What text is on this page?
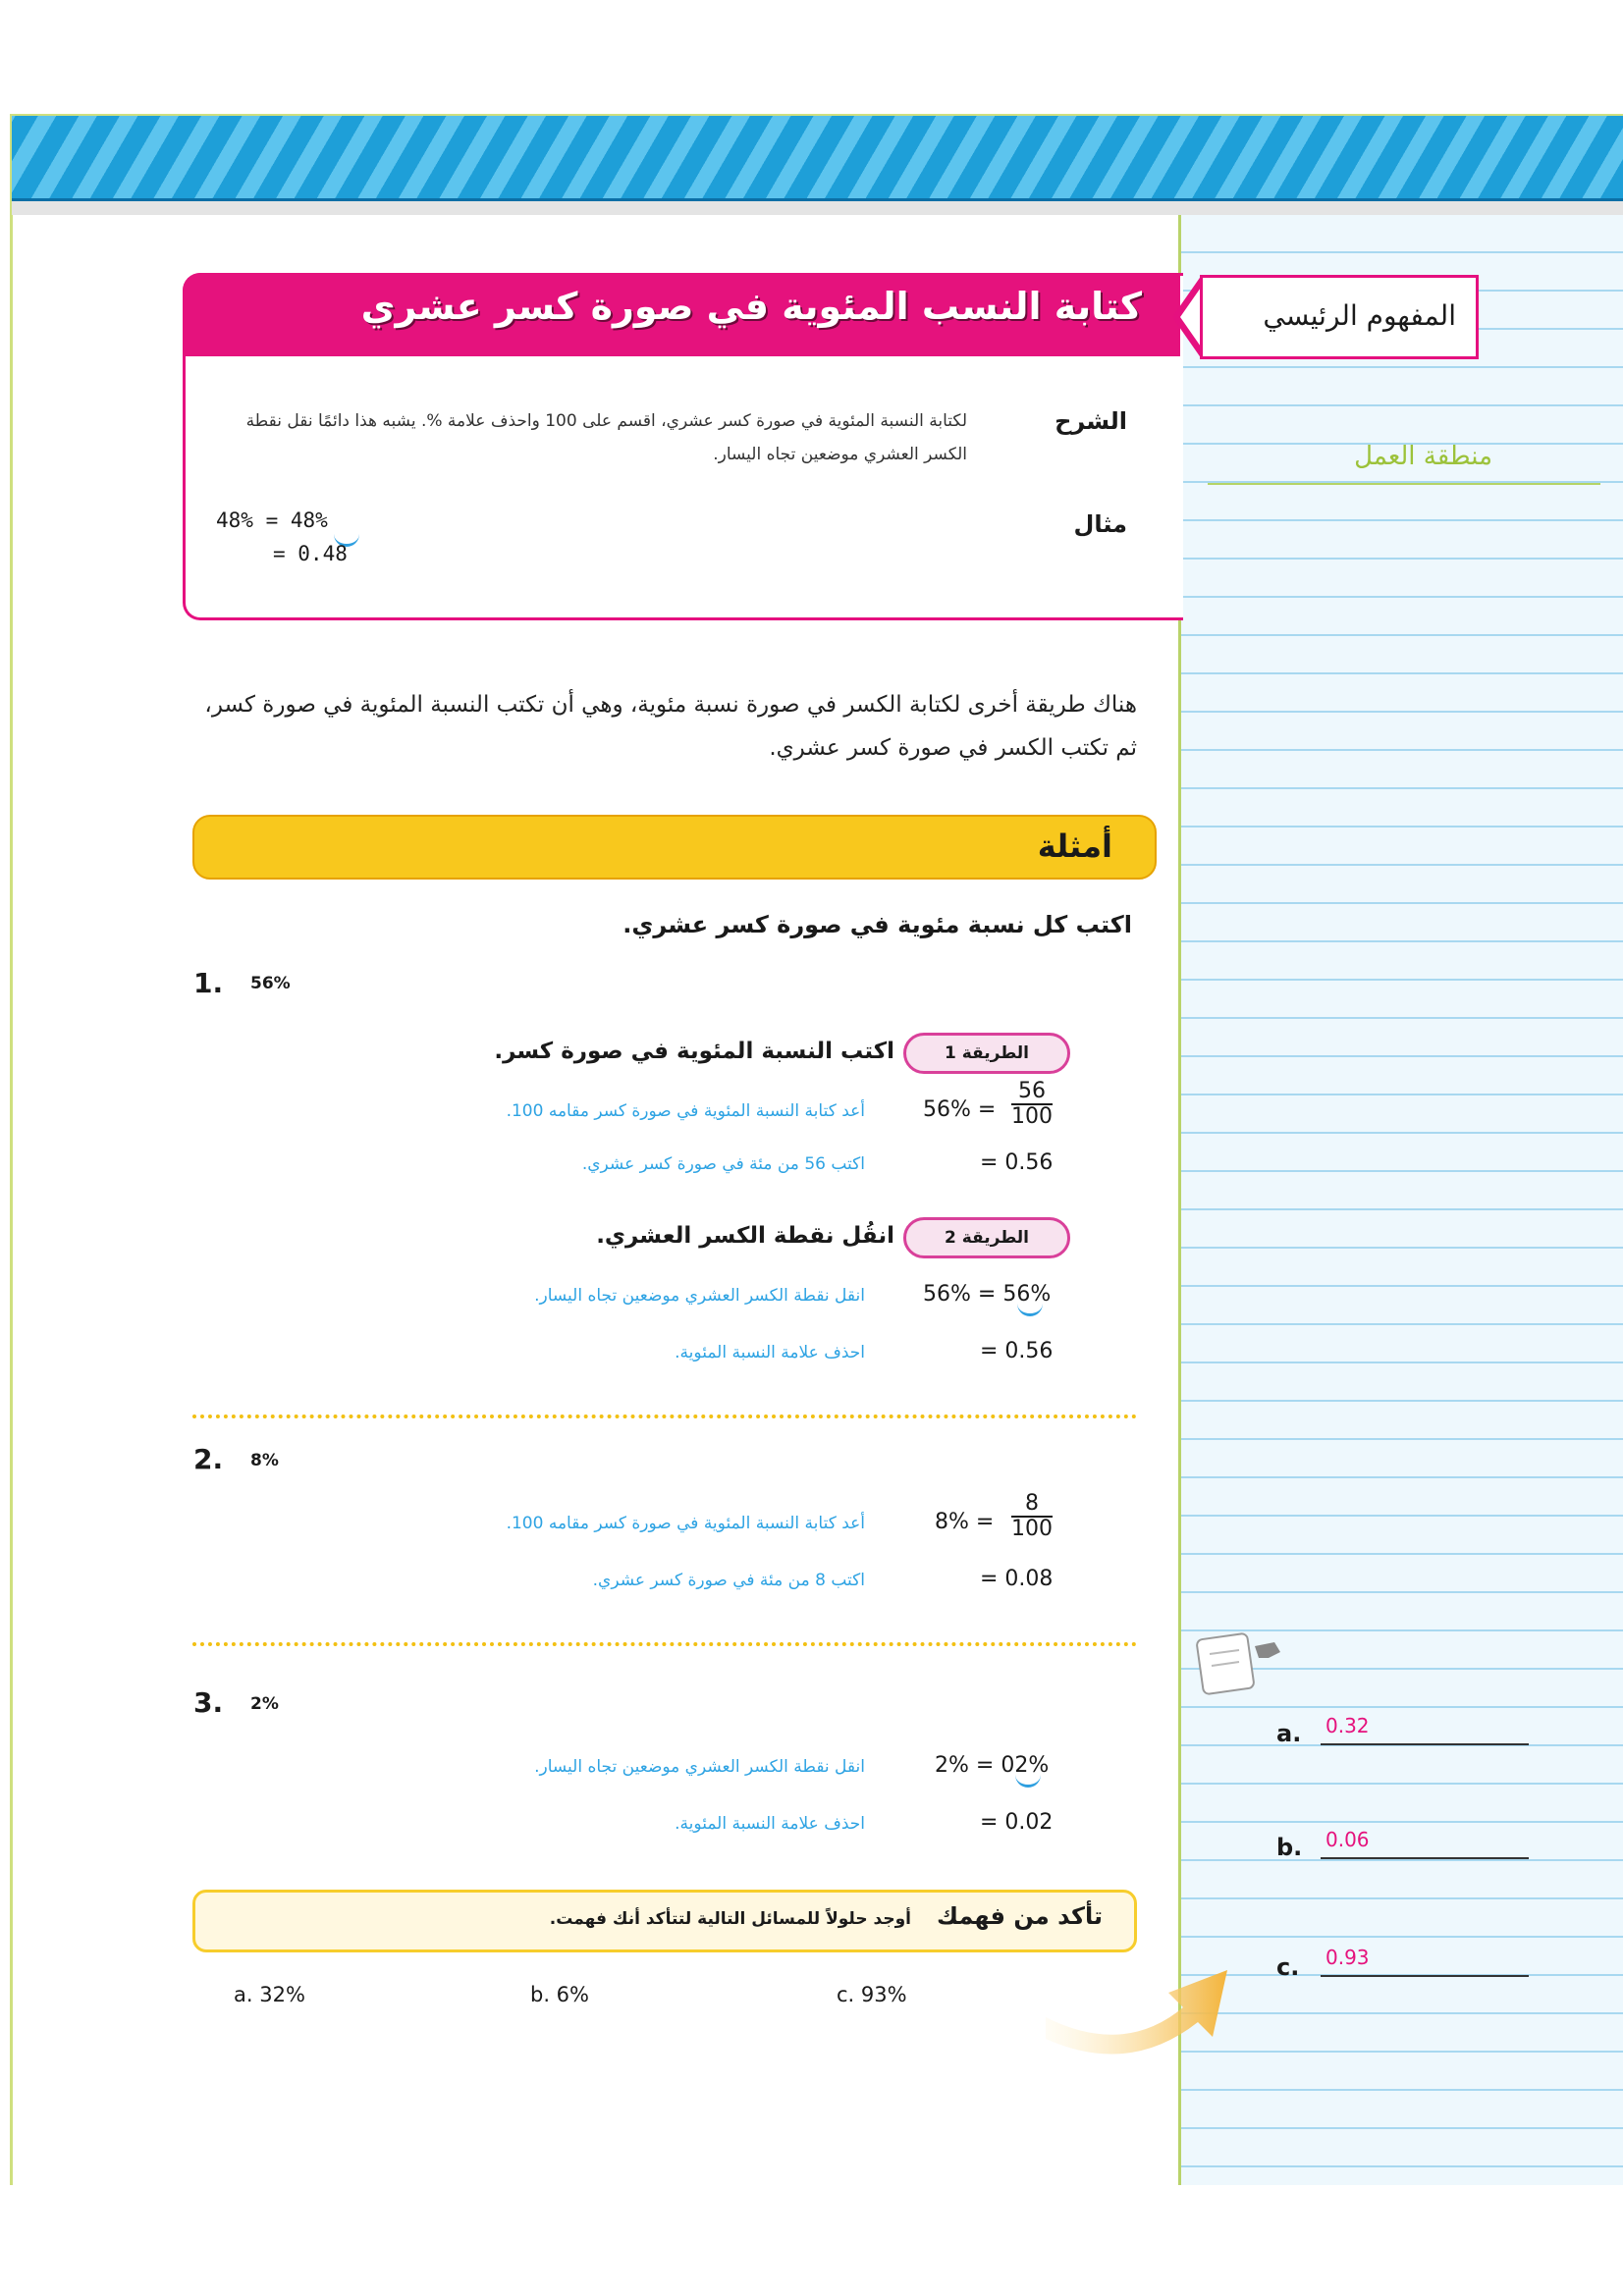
كتابة النسب المئوية في صورة كسر عشري	المفهوم الرئيسي
الشرح
لكتابة النسبة المئوية في صورة كسر عشري، اقسم على 100 واحذف علامة %. يشبه هذا دائمًا نقل نقطة الكسر العشري موضعين تجاه اليسار.
مثال
48% = 48%
= 0.48
منطقة العمل
هناك طريقة أخرى لكتابة الكسر في صورة نسبة مئوية، وهي أن تكتب النسبة المئوية في صورة كسر، ثم تكتب الكسر في صورة كسر عشري.
أمثلة
اكتب كل نسبة مئوية في صورة كسر عشري.
1. 56%
الطريقة 1
اكتب النسبة المئوية في صورة كسر.
أعد كتابة النسبة المئوية في صورة كسر مقامه 100.	$56\% = \frac{56}{100}$
اكتب 56 من مئة في صورة كسر عشري.	= 0.56
الطريقة 2
انقُل نقطة الكسر العشري.
انقل نقطة الكسر العشري موضعين تجاه اليسار.	56% = 56%
احذف علامة النسبة المئوية.	= 0.56
2. 8%
أعد كتابة النسبة المئوية في صورة كسر مقامه 100.	$8\% = \frac{8}{100}$
اكتب 8 من مئة في صورة كسر عشري.	= 0.08
3. 2%
انقل نقطة الكسر العشري موضعين تجاه اليسار.	2% = 02%
احذف علامة النسبة المئوية.	= 0.02
تأكد من فهمك
أوجد حلولاً للمسائل التالية لتتأكد أنك فهمت.
a. 32%	b. 6%	c. 93%
a. 0.32
b. 0.06
c. 0.93
